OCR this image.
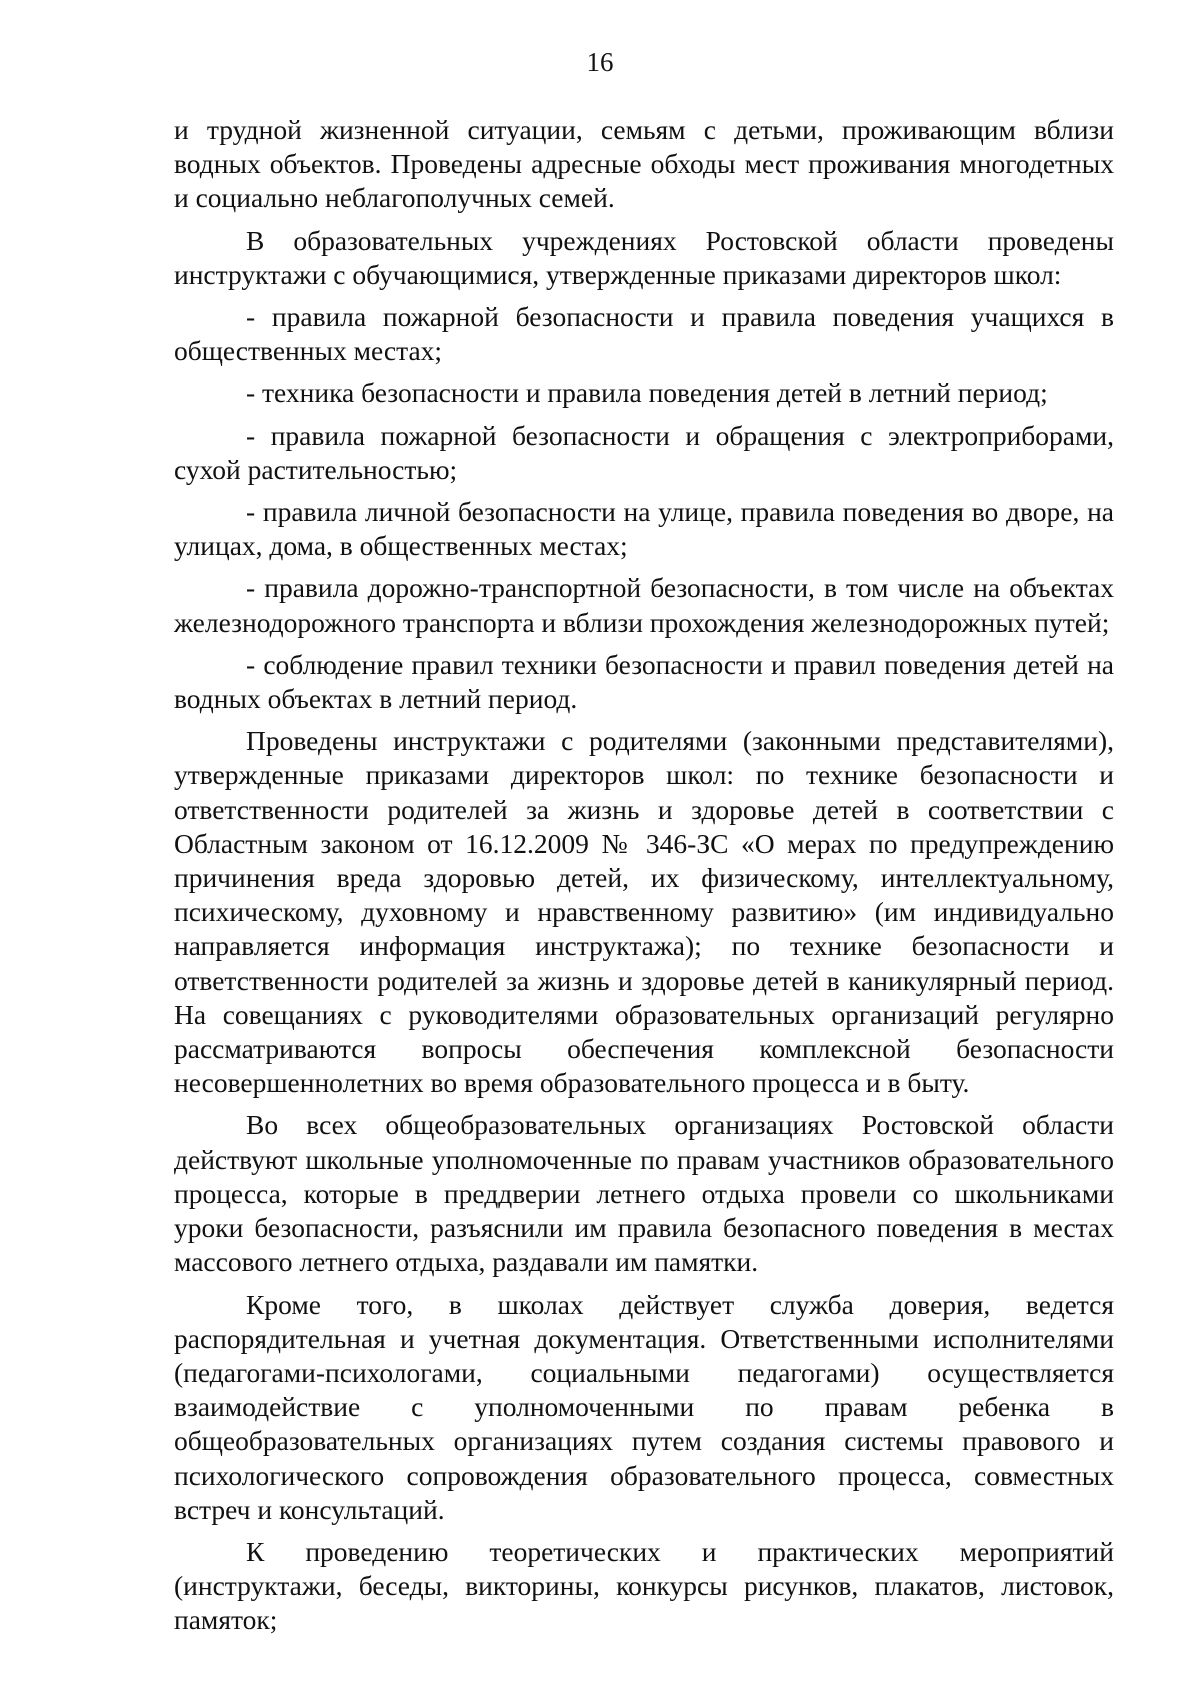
16

и трудной жизненной ситуации, семьям с детьми, проживающим вблизи водных объектов. Проведены адресные обходы мест проживания многодетных и социально неблагополучных семей.

В образовательных учреждениях Ростовской области проведены инструктажи с обучающимися, утвержденные приказами директоров школ:

- правила пожарной безопасности и правила поведения учащихся в общественных местах;

- техника безопасности и правила поведения детей в летний период;

- правила пожарной безопасности и обращения с электроприборами, сухой растительностью;

- правила личной безопасности на улице, правила поведения во дворе, на улицах, дома, в общественных местах;

- правила дорожно-транспортной безопасности, в том числе на объектах железнодорожного транспорта и вблизи прохождения железнодорожных путей;

- соблюдение правил техники безопасности и правил поведения детей на водных объектах в летний период.

Проведены инструктажи с родителями (законными представителями), утвержденные приказами директоров школ: по технике безопасности и ответственности родителей за жизнь и здоровье детей в соответствии с Областным законом от 16.12.2009 № 346-ЗС «О мерах по предупреждению причинения вреда здоровью детей, их физическому, интеллектуальному, психическому, духовному и нравственному развитию» (им индивидуально направляется информация инструктажа); по технике безопасности и ответственности родителей за жизнь и здоровье детей в каникулярный период. На совещаниях с руководителями образовательных организаций регулярно рассматриваются вопросы обеспечения комплексной безопасности несовершеннолетних во время образовательного процесса и в быту.

Во всех общеобразовательных организациях Ростовской области действуют школьные уполномоченные по правам участников образовательного процесса, которые в преддверии летнего отдыха провели со школьниками уроки безопасности, разъяснили им правила безопасного поведения в местах массового летнего отдыха, раздавали им памятки.

Кроме того, в школах действует служба доверия, ведется распорядительная и учетная документация. Ответственными исполнителями (педагогами-психологами, социальными педагогами) осуществляется взаимодействие с уполномоченными по правам ребенка в общеобразовательных организациях путем создания системы правового и психологического сопровождения образовательного процесса, совместных встреч и консультаций.

К проведению теоретических и практических мероприятий (инструктажи, беседы, викторины, конкурсы рисунков, плакатов, листовок, памяток;
